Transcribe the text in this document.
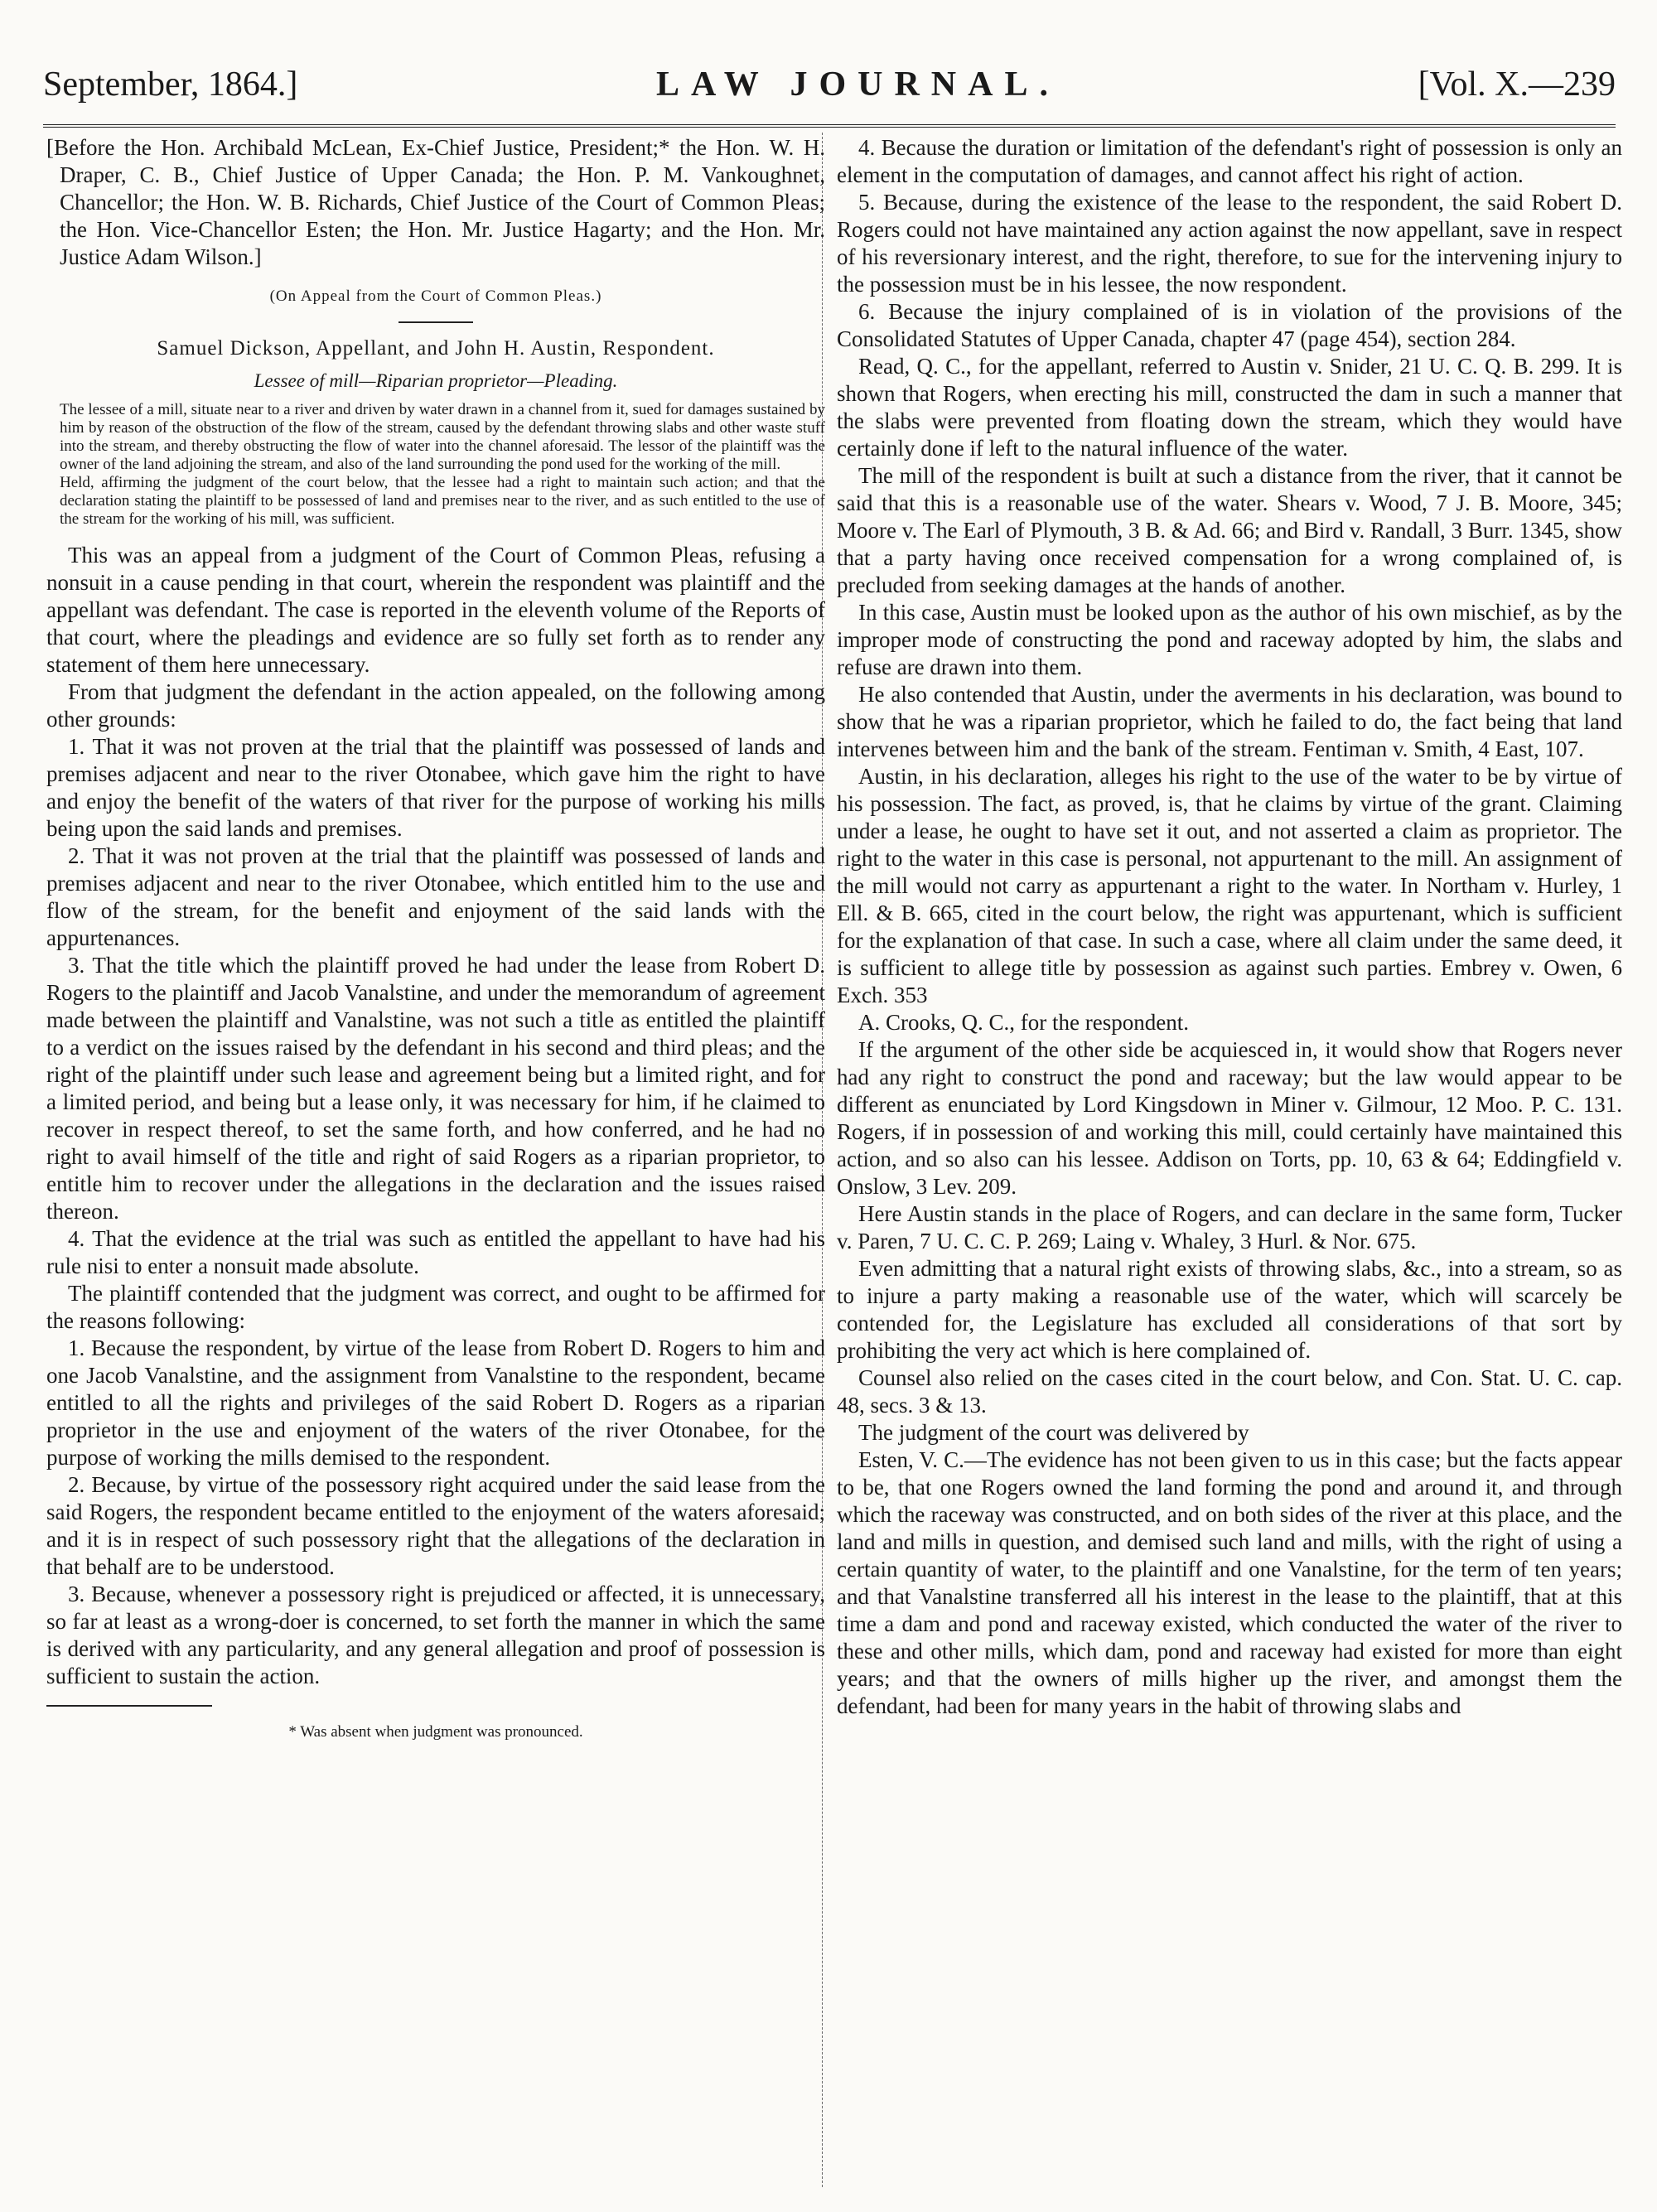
September, 1864.]	LAW JOURNAL.	[Vol. X.—239

[Before the Hon. Archibald McLean, Ex-Chief Justice, President;* the Hon. W. H. Draper, C. B., Chief Justice of Upper Canada; the Hon. P. M. Vankoughnet, Chancellor; the Hon. W. B. Richards, Chief Justice of the Court of Common Pleas; the Hon. Vice-Chancellor Esten; the Hon. Mr. Justice Hagarty; and the Hon. Mr. Justice Adam Wilson.]

(On Appeal from the Court of Common Pleas.)

Samuel Dickson, Appellant, and John H. Austin, Respondent.

Lessee of mill—Riparian proprietor—Pleading.

The lessee of a mill, situate near to a river and driven by water drawn in a channel from it, sued for damages sustained by him by reason of the obstruction of the flow of the stream, caused by the defendant throwing slabs and other waste stuff into the stream, and thereby obstructing the flow of water into the channel aforesaid. The lessor of the plaintiff was the owner of the land adjoining the stream, and also of the land surrounding the pond used for the working of the mill.

Held, affirming the judgment of the court below, that the lessee had a right to maintain such action; and that the declaration stating the plaintiff to be possessed of land and premises near to the river, and as such entitled to the use of the stream for the working of his mill, was sufficient.

This was an appeal from a judgment of the Court of Common Pleas, refusing a nonsuit in a cause pending in that court, wherein the respondent was plaintiff and the appellant was defendant. The case is reported in the eleventh volume of the Reports of that court, where the pleadings and evidence are so fully set forth as to render any statement of them here unnecessary.

From that judgment the defendant in the action appealed, on the following among other grounds:

1. That it was not proven at the trial that the plaintiff was possessed of lands and premises adjacent and near to the river Otonabee, which gave him the right to have and enjoy the benefit of the waters of that river for the purpose of working his mills being upon the said lands and premises.

2. That it was not proven at the trial that the plaintiff was possessed of lands and premises adjacent and near to the river Otonabee, which entitled him to the use and flow of the stream, for the benefit and enjoyment of the said lands with the appurtenances.

3. That the title which the plaintiff proved he had under the lease from Robert D. Rogers to the plaintiff and Jacob Vanalstine, and under the memorandum of agreement made between the plaintiff and Vanalstine, was not such a title as entitled the plaintiff to a verdict on the issues raised by the defendant in his second and third pleas; and the right of the plaintiff under such lease and agreement being but a limited right, and for a limited period, and being but a lease only, it was necessary for him, if he claimed to recover in respect thereof, to set the same forth, and how conferred, and he had no right to avail himself of the title and right of said Rogers as a riparian proprietor, to entitle him to recover under the allegations in the declaration and the issues raised thereon.

4. That the evidence at the trial was such as entitled the appellant to have had his rule nisi to enter a nonsuit made absolute.

The plaintiff contended that the judgment was correct, and ought to be affirmed for the reasons following:

1. Because the respondent, by virtue of the lease from Robert D. Rogers to him and one Jacob Vanalstine, and the assignment from Vanalstine to the respondent, became entitled to all the rights and privileges of the said Robert D. Rogers as a riparian proprietor in the use and enjoyment of the waters of the river Otonabee, for the purpose of working the mills demised to the respondent.

2. Because, by virtue of the possessory right acquired under the said lease from the said Rogers, the respondent became entitled to the enjoyment of the waters aforesaid; and it is in respect of such possessory right that the allegations of the declaration in that behalf are to be understood.

3. Because, whenever a possessory right is prejudiced or affected, it is unnecessary, so far at least as a wrong-doer is concerned, to set forth the manner in which the same is derived with any particularity, and any general allegation and proof of possession is sufficient to sustain the action.

* Was absent when judgment was pronounced.

4. Because the duration or limitation of the defendant's right of possession is only an element in the computation of damages, and cannot affect his right of action.

5. Because, during the existence of the lease to the respondent, the said Robert D. Rogers could not have maintained any action against the now appellant, save in respect of his reversionary interest, and the right, therefore, to sue for the intervening injury to the possession must be in his lessee, the now respondent.

6. Because the injury complained of is in violation of the provisions of the Consolidated Statutes of Upper Canada, chapter 47 (page 454), section 284.

Read, Q. C., for the appellant, referred to Austin v. Snider, 21 U. C. Q. B. 299. It is shown that Rogers, when erecting his mill, constructed the dam in such a manner that the slabs were prevented from floating down the stream, which they would have certainly done if left to the natural influence of the water.

The mill of the respondent is built at such a distance from the river, that it cannot be said that this is a reasonable use of the water. Shears v. Wood, 7 J. B. Moore, 345; Moore v. The Earl of Plymouth, 3 B. & Ad. 66; and Bird v. Randall, 3 Burr. 1345, show that a party having once received compensation for a wrong complained of, is precluded from seeking damages at the hands of another.

In this case, Austin must be looked upon as the author of his own mischief, as by the improper mode of constructing the pond and raceway adopted by him, the slabs and refuse are drawn into them.

He also contended that Austin, under the averments in his declaration, was bound to show that he was a riparian proprietor, which he failed to do, the fact being that land intervenes between him and the bank of the stream. Fentiman v. Smith, 4 East, 107.

Austin, in his declaration, alleges his right to the use of the water to be by virtue of his possession. The fact, as proved, is, that he claims by virtue of the grant. Claiming under a lease, he ought to have set it out, and not asserted a claim as proprietor. The right to the water in this case is personal, not appurtenant to the mill. An assignment of the mill would not carry as appurtenant a right to the water. In Northam v. Hurley, 1 Ell. & B. 665, cited in the court below, the right was appurtenant, which is sufficient for the explanation of that case. In such a case, where all claim under the same deed, it is sufficient to allege title by possession as against such parties. Embrey v. Owen, 6 Exch. 353

A. Crooks, Q. C., for the respondent.

If the argument of the other side be acquiesced in, it would show that Rogers never had any right to construct the pond and raceway; but the law would appear to be different as enunciated by Lord Kingsdown in Miner v. Gilmour, 12 Moo. P. C. 131. Rogers, if in possession of and working this mill, could certainly have maintained this action, and so also can his lessee. Addison on Torts, pp. 10, 63 & 64; Eddingfield v. Onslow, 3 Lev. 209.

Here Austin stands in the place of Rogers, and can declare in the same form, Tucker v. Paren, 7 U. C. C. P. 269; Laing v. Whaley, 3 Hurl. & Nor. 675.

Even admitting that a natural right exists of throwing slabs, &c., into a stream, so as to injure a party making a reasonable use of the water, which will scarcely be contended for, the Legislature has excluded all considerations of that sort by prohibiting the very act which is here complained of.

Counsel also relied on the cases cited in the court below, and Con. Stat. U. C. cap. 48, secs. 3 & 13.

The judgment of the court was delivered by

Esten, V. C.—The evidence has not been given to us in this case; but the facts appear to be, that one Rogers owned the land forming the pond and around it, and through which the raceway was constructed, and on both sides of the river at this place, and the land and mills in question, and demised such land and mills, with the right of using a certain quantity of water, to the plaintiff and one Vanalstine, for the term of ten years; and that Vanalstine transferred all his interest in the lease to the plaintiff, that at this time a dam and pond and raceway existed, which conducted the water of the river to these and other mills, which dam, pond and raceway had existed for more than eight years; and that the owners of mills higher up the river, and amongst them the defendant, had been for many years in the habit of throwing slabs and
